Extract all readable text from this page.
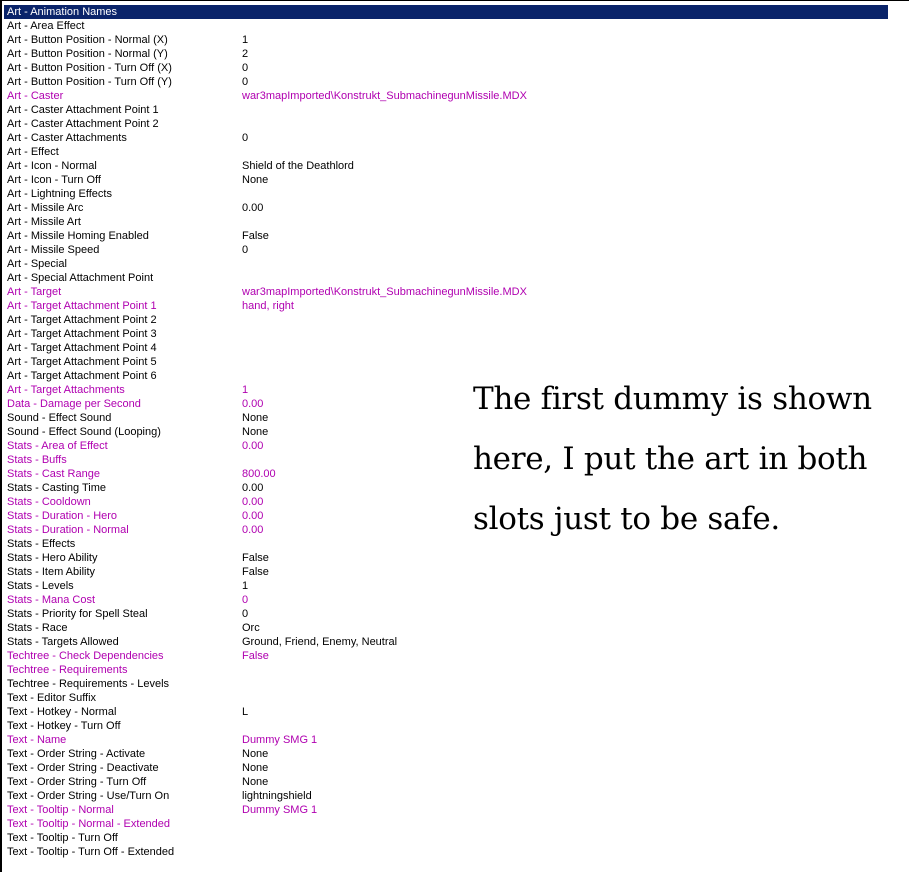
Art - Animation Names
Art - Area Effect
Art - Button Position - Normal (X)	1
Art - Button Position - Normal (Y)	2
Art - Button Position - Turn Off (X)	0
Art - Button Position - Turn Off (Y)	0
Art - Caster	war3mapImported\Konstrukt_SubmachinegunMissile.MDX
Art - Caster Attachment Point 1
Art - Caster Attachment Point 2
Art - Caster Attachments	0
Art - Effect
Art - Icon - Normal	Shield of the Deathlord
Art - Icon - Turn Off	None
Art - Lightning Effects
Art - Missile Arc	0.00
Art - Missile Art
Art - Missile Homing Enabled	False
Art - Missile Speed	0
Art - Special
Art - Special Attachment Point
Art - Target	war3mapImported\Konstrukt_SubmachinegunMissile.MDX
Art - Target Attachment Point 1	hand, right
Art - Target Attachment Point 2
Art - Target Attachment Point 3
Art - Target Attachment Point 4
Art - Target Attachment Point 5
Art - Target Attachment Point 6
Art - Target Attachments	1
Data - Damage per Second	0.00
Sound - Effect Sound	None
Sound - Effect Sound (Looping)	None
Stats - Area of Effect	0.00
Stats - Buffs
Stats - Cast Range	800.00
Stats - Casting Time	0.00
Stats - Cooldown	0.00
Stats - Duration - Hero	0.00
Stats - Duration - Normal	0.00
Stats - Effects
Stats - Hero Ability	False
Stats - Item Ability	False
Stats - Levels	1
Stats - Mana Cost	0
Stats - Priority for Spell Steal	0
Stats - Race	Orc
Stats - Targets Allowed	Ground, Friend, Enemy, Neutral
Techtree - Check Dependencies	False
Techtree - Requirements
Techtree - Requirements - Levels
Text - Editor Suffix
Text - Hotkey - Normal	L
Text - Hotkey - Turn Off
Text - Name	Dummy SMG 1
Text - Order String - Activate	None
Text - Order String - Deactivate	None
Text - Order String - Turn Off	None
Text - Order String - Use/Turn On	lightningshield
Text - Tooltip - Normal	Dummy SMG 1
Text - Tooltip - Normal - Extended
Text - Tooltip - Turn Off
Text - Tooltip - Turn Off - Extended
The first dummy is shown
here, I put the art in both
slots just to be safe.
